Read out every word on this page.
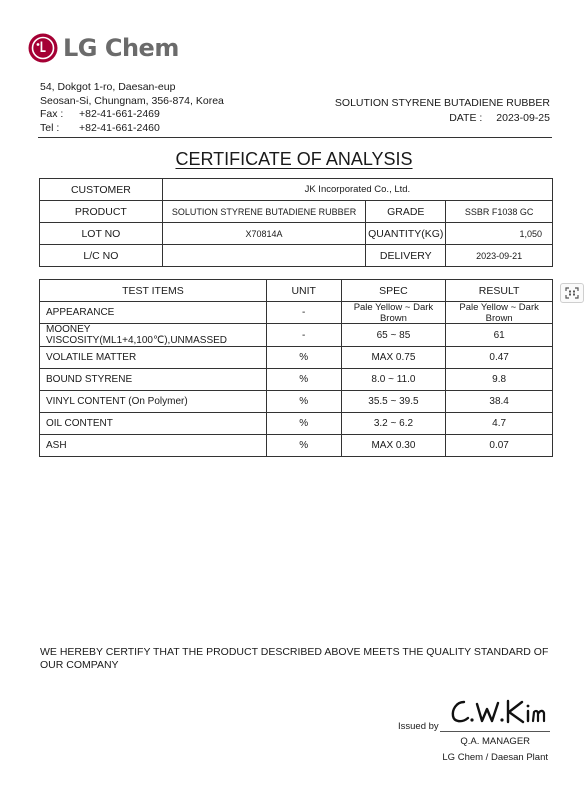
LG Chem
54, Dokgot 1-ro, Daesan-eup
Seosan-Si, Chungnam, 356-874, Korea
Fax : +82-41-661-2469
Tel : +82-41-661-2460
SOLUTION STYRENE BUTADIENE RUBBER
DATE : 2023-09-25
CERTIFICATE OF ANALYSIS
CUSTOMER	JK Incorporated Co., Ltd.		
PRODUCT	SOLUTION STYRENE BUTADIENE RUBBER	GRADE	SSBR F1038 GC
LOT NO	X70814A	QUANTITY(KG)	1,050
L/C NO		DELIVERY	2023-09-21
TEST ITEMS	UNIT	SPEC	RESULT
APPEARANCE	-	Pale Yellow ~ Dark Brown	Pale Yellow ~ Dark Brown

MOONEY VISCOSITY(ML1+4,100℃),UNMASSED	-	65 ~ 85	61
VOLATILE MATTER	%	MAX 0.75	0.47
BOUND STYRENE	%	8.0 ~ 11.0	9.8
VINYL CONTENT (On Polymer)	%	35.5 ~ 39.5	38.4
OIL CONTENT	%	3.2 ~ 6.2	4.7
ASH	%	MAX 0.30	0.07
WE HEREBY CERTIFY THAT THE PRODUCT DESCRIBED ABOVE MEETS THE QUALITY STANDARD OF OUR COMPANY
Issued by
Q.A. MANAGER
LG Chem / Daesan Plant
